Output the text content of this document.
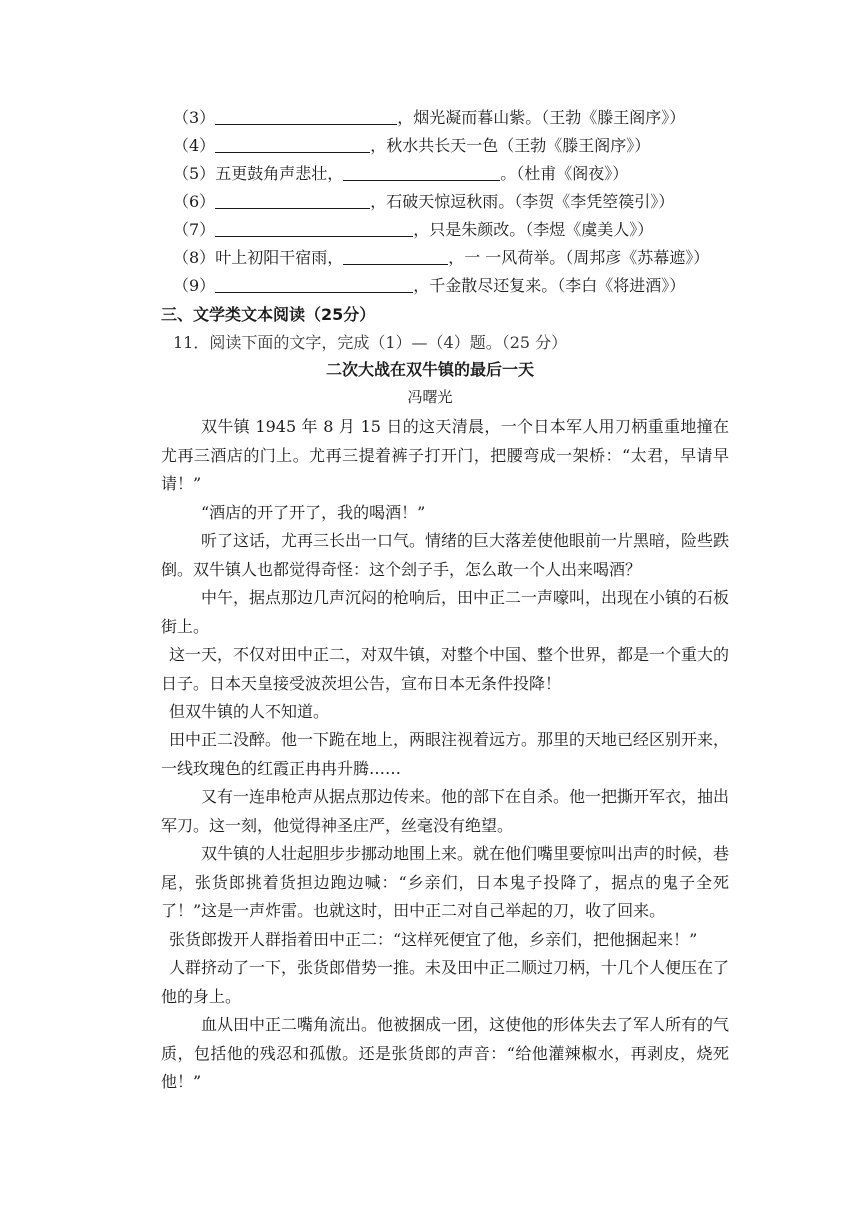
（3）	，烟光凝而暮山紫。（王勃《滕王阁序》）
（4）	，秋水共长天一色（王勃《滕王阁序》）
（5）五更鼓角声悲壮，	。（杜甫《阁夜》）
（6）	，石破天惊逗秋雨。（李贺《李凭箜篌引》）
（7）	，只是朱颜改。（李煜《虞美人》）
（8）叶上初阳干宿雨，	，一 一风荷举。（周邦彦《苏幕遮》）
（9）	，千金散尽还复来。（李白《将进酒》）
三、文学类文本阅读（25分）
11．阅读下面的文字，完成（1）—（4）题。（25 分）
二次大战在双牛镇的最后一天
冯曙光
双牛镇 1945 年 8 月 15 日的这天清晨，一个日本军人用刀柄重重地撞在尤再三酒店的门上。尤再三提着裤子打开门，把腰弯成一架桥：“太君，早请早请！”
“酒店的开了开了，我的喝酒！”
听了这话，尤再三长出一口气。情绪的巨大落差使他眼前一片黑暗，险些跌倒。双牛镇人也都觉得奇怪：这个刽子手，怎么敢一个人出来喝酒？
中午，据点那边几声沉闷的枪响后，田中正二一声嚎叫，出现在小镇的石板街上。
这一天，不仅对田中正二，对双牛镇，对整个中国、整个世界，都是一个重大的日子。日本天皇接受波茨坦公告，宣布日本无条件投降！
但双牛镇的人不知道。
田中正二没醉。他一下跪在地上，两眼注视着远方。那里的天地已经区别开来，一线玫瑰色的红霞正冉冉升腾……
又有一连串枪声从据点那边传来。他的部下在自杀。他一把撕开军衣，抽出军刀。这一刻，他觉得神圣庄严，丝毫没有绝望。
双牛镇的人壮起胆步步挪动地围上来。就在他们嘴里要惊叫出声的时候，巷尾，张货郎挑着货担边跑边喊：“乡亲们，日本鬼子投降了，据点的鬼子全死了！”这是一声炸雷。也就这时，田中正二对自己举起的刀，收了回来。
张货郎拨开人群指着田中正二：“这样死便宜了他，乡亲们，把他捆起来！”
人群挤动了一下，张货郎借势一推。未及田中正二顺过刀柄，十几个人便压在了他的身上。
血从田中正二嘴角流出。他被捆成一团，这使他的形体失去了军人所有的气质，包括他的残忍和孤傲。还是张货郎的声音：“给他灌辣椒水，再剥皮，烧死他！”
